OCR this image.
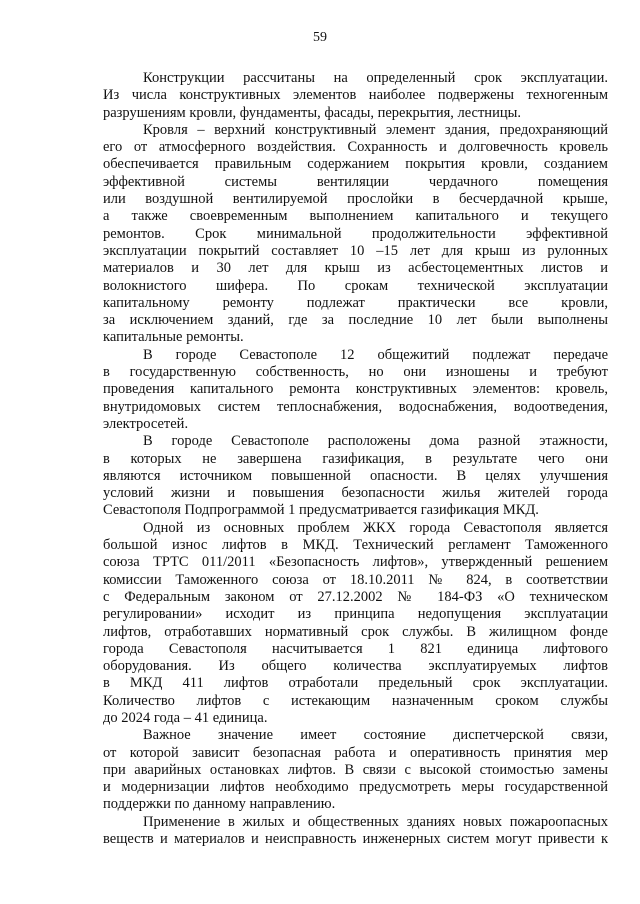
59
Конструкции рассчитаны на определенный срок эксплуатации.
Из числа конструктивных элементов наиболее подвержены техногенным
разрушениям кровли, фундаменты, фасады, перекрытия, лестницы.
Кровля – верхний конструктивный элемент здания, предохраняющий
его от атмосферного воздействия. Сохранность и долговечность кровель
обеспечивается правильным содержанием покрытия кровли, созданием
эффективной системы вентиляции чердачного помещения
или воздушной вентилируемой прослойки в бесчердачной крыше,
а также своевременным выполнением капитального и текущего
ремонтов. Срок минимальной продолжительности эффективной
эксплуатации покрытий составляет 10 –15 лет для крыш из рулонных
материалов и 30 лет для крыш из асбестоцементных листов и
волокнистого шифера. По срокам технической эксплуатации
капитальному ремонту подлежат практически все кровли,
за исключением зданий, где за последние 10 лет были выполнены
капитальные ремонты.
В городе Севастополе 12 общежитий подлежат передаче
в государственную собственность, но они изношены и требуют
проведения капитального ремонта конструктивных элементов: кровель,
внутридомовых систем теплоснабжения, водоснабжения, водоотведения,
электросетей.
В городе Севастополе расположены дома разной этажности,
в которых не завершена газификация, в результате чего они
являются источником повышенной опасности. В целях улучшения
условий жизни и повышения безопасности жилья жителей города
Севастополя Подпрограммой 1 предусматривается газификация МКД.
Одной из основных проблем ЖКХ города Севастополя является
большой износ лифтов в МКД. Технический регламент Таможенного
союза ТРТС 011/2011 «Безопасность лифтов», утвержденный решением
комиссии Таможенного союза от 18.10.2011 № 824, в соответствии
с Федеральным законом от 27.12.2002 № 184-ФЗ «О техническом
регулировании» исходит из принципа недопущения эксплуатации
лифтов, отработавших нормативный срок службы. В жилищном фонде
города Севастополя насчитывается 1 821 единица лифтового
оборудования. Из общего количества эксплуатируемых лифтов
в МКД 411 лифтов отработали предельный срок эксплуатации.
Количество лифтов с истекающим назначенным сроком службы
до 2024 года – 41 единица.
Важное значение имеет состояние диспетчерской связи,
от которой зависит безопасная работа и оперативность принятия мер
при аварийных остановках лифтов. В связи с высокой стоимостью замены
и модернизации лифтов необходимо предусмотреть меры государственной
поддержки по данному направлению.
Применение в жилых и общественных зданиях новых пожароопасных
веществ и материалов и неисправность инженерных систем могут привести к
